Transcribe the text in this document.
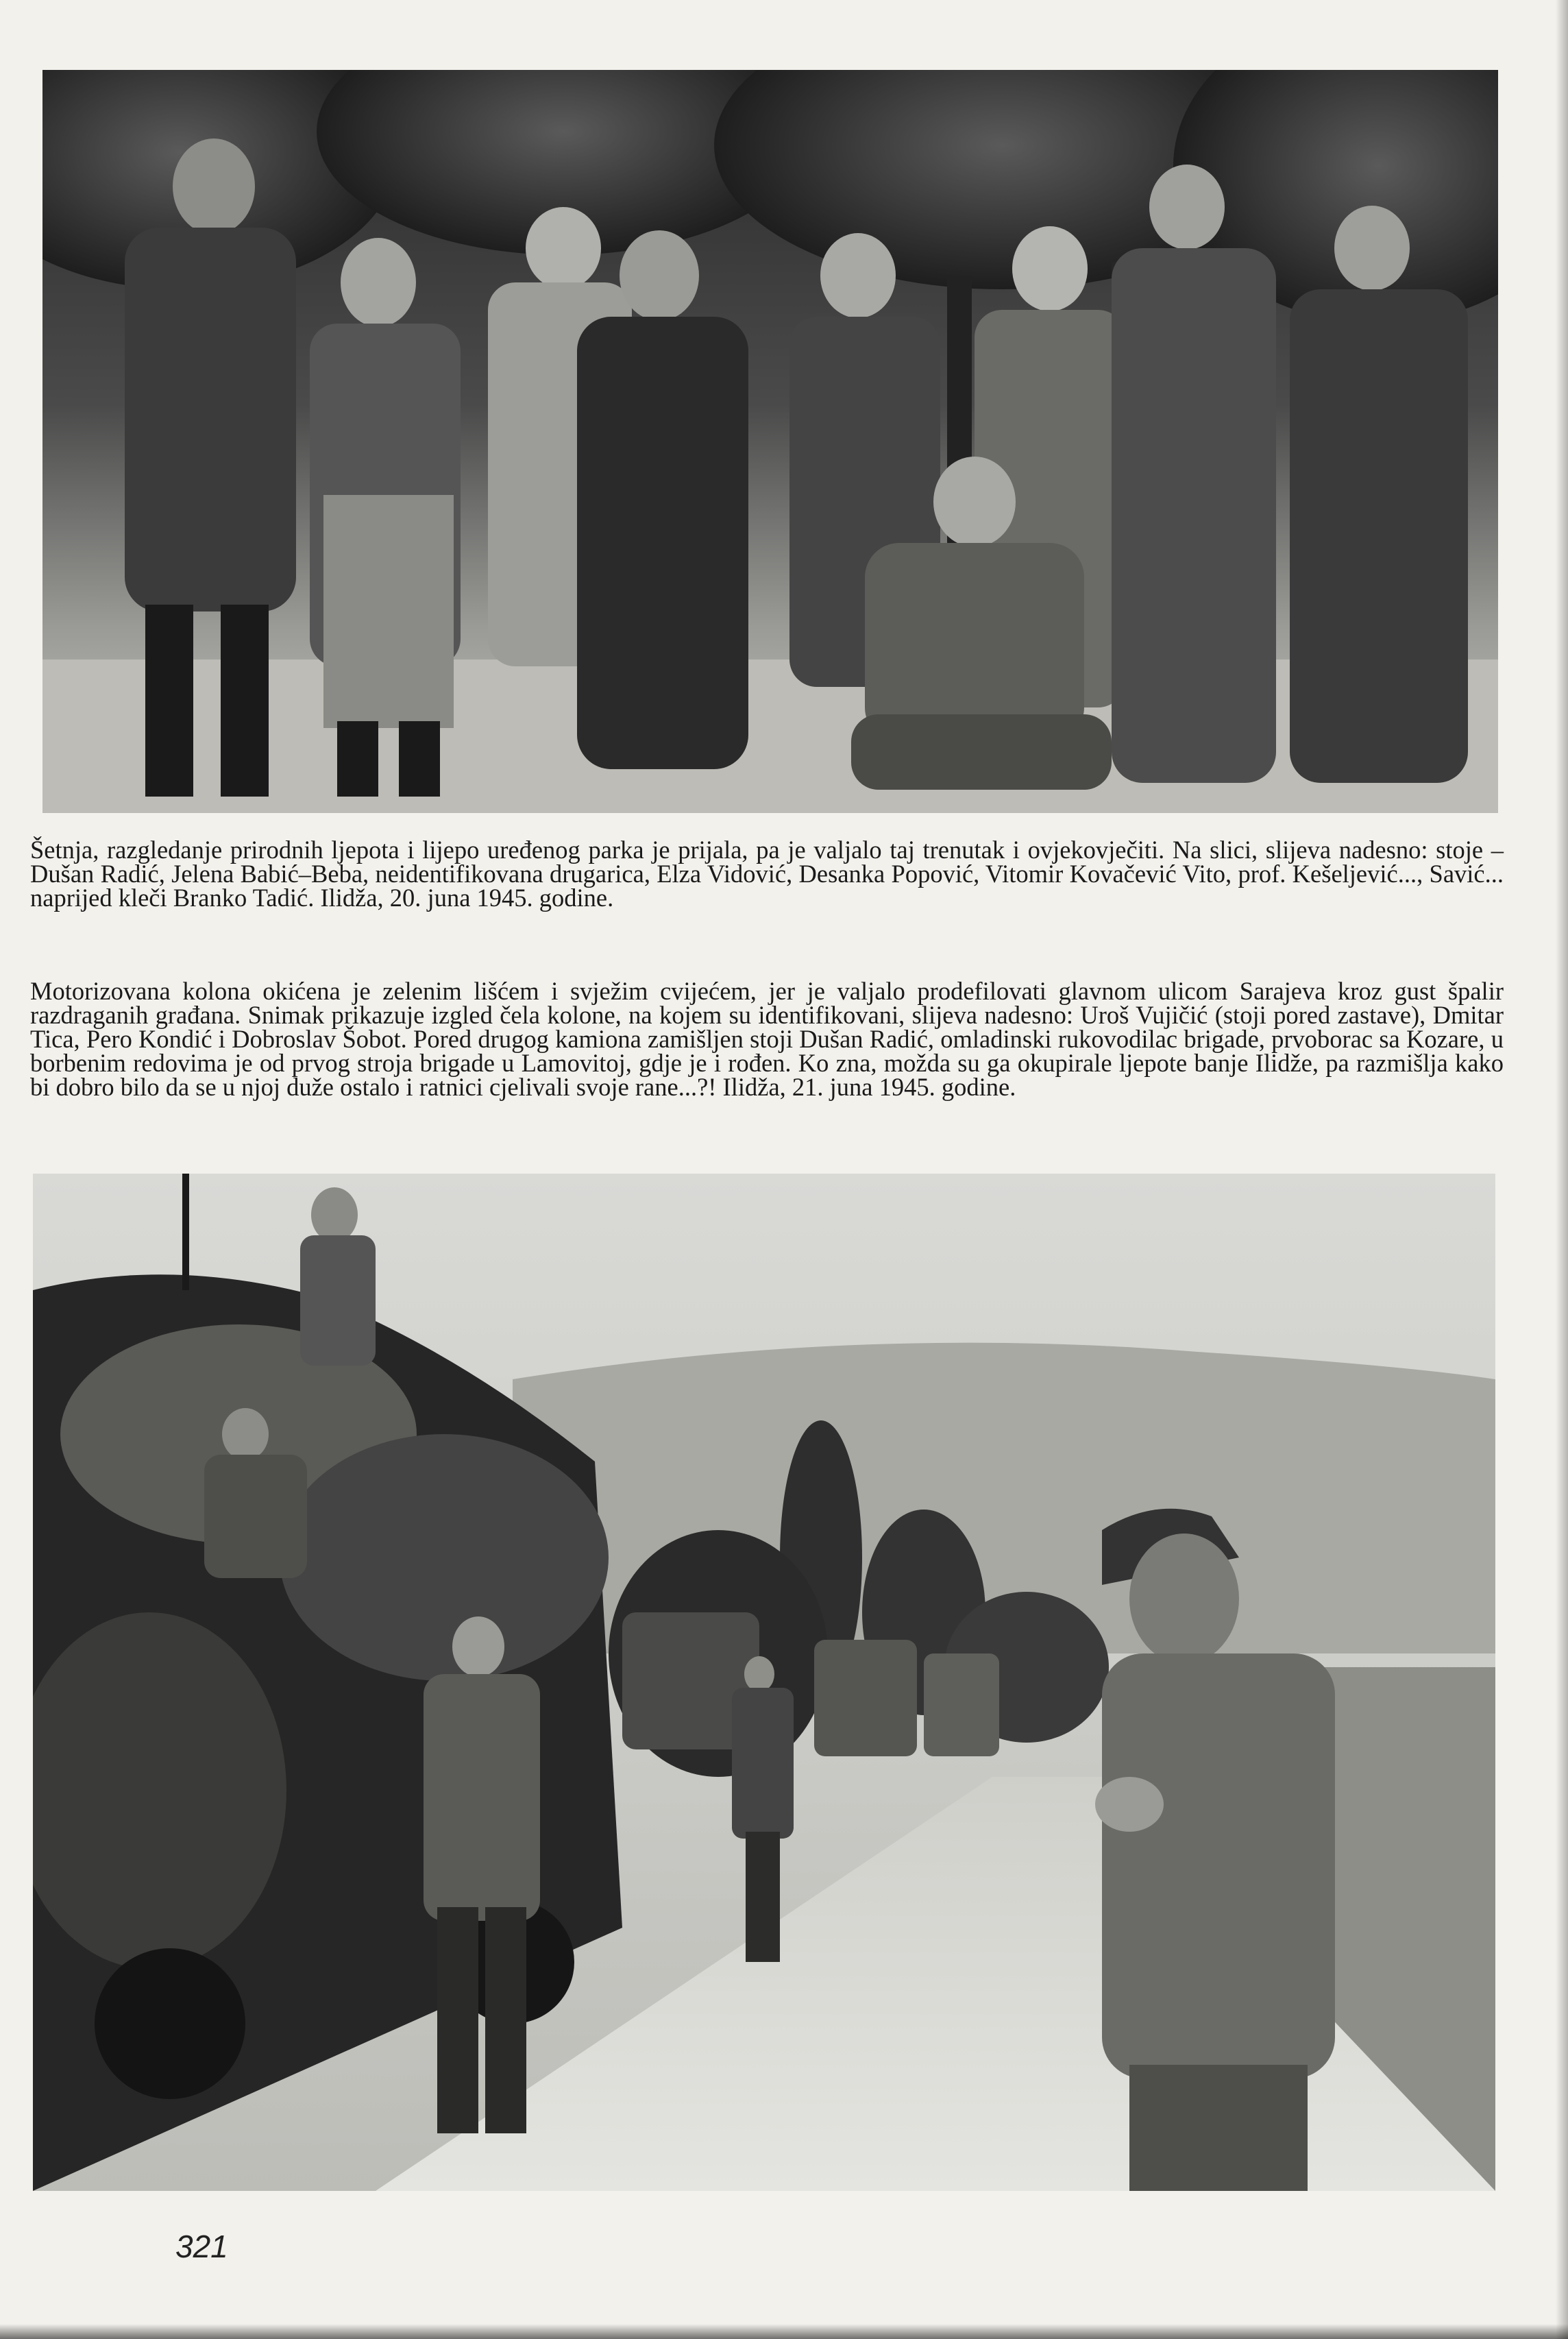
Šetnja, razgledanje prirodnih ljepota i lijepo uređenog parka je prijala, pa je valjalo taj trenutak i ovjekovječiti. Na slici, slijeva nadesno: stoje – Dušan Radić, Jelena Babić–Beba, neidentifikovana drugarica, Elza Vidović, Desanka Popović, Vitomir Kovačević Vito, prof. Kešeljević..., Savić... naprijed kleči Branko Tadić. Ilidža, 20. juna 1945. godine.

Motorizovana kolona okićena je zelenim lišćem i svježim cvijećem, jer je valjalo prodefilovati glavnom ulicom Sarajeva kroz gust špalir razdraganih građana. Snimak prikazuje izgled čela kolone, na kojem su identifikovani, slijeva nadesno: Uroš Vujičić (stoji pored zastave), Dmitar Tica, Pero Kondić i Dobroslav Šobot. Pored drugog kamiona zamišljen stoji Dušan Radić, omladinski rukovodilac brigade, prvoborac sa Kozare, u borbenim redovima je od prvog stroja brigade u Lamovitoj, gdje je i rođen. Ko zna, možda su ga okupirale ljepote banje Ilidže, pa razmišlja kako bi dobro bilo da se u njoj duže ostalo i ratnici cjelivali svoje rane...?! Ilidža, 21. juna 1945. godine.

321
